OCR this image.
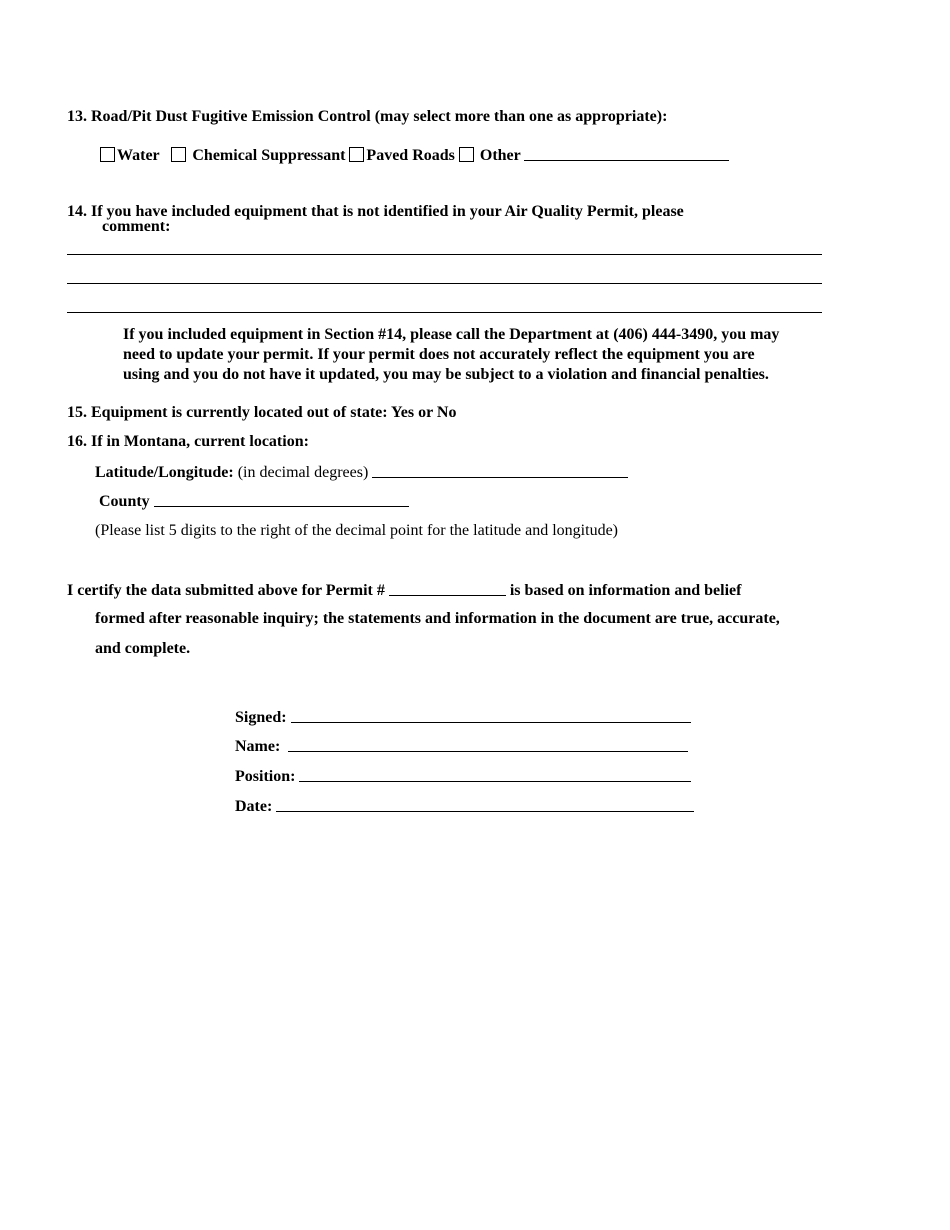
13. Road/Pit Dust Fugitive Emission Control (may select more than one as appropriate):
Water Chemical Suppressant Paved Roads Other
14. If you have included equipment that is not identified in your Air Quality Permit, please
comment:
If you included equipment in Section #14, please call the Department at (406) 444-3490, you may
need to update your permit. If your permit does not accurately reflect the equipment you are
using and you do not have it updated, you may be subject to a violation and financial penalties.
15. Equipment is currently located out of state: Yes or No
16. If in Montana, current location:
Latitude/Longitude: (in decimal degrees)
County
(Please list 5 digits to the right of the decimal point for the latitude and longitude)
I certify the data submitted above for Permit #	is based on information and belief
formed after reasonable inquiry; the statements and information in the document are true, accurate,
and complete.
Signed:
Name:
Position:
Date:
